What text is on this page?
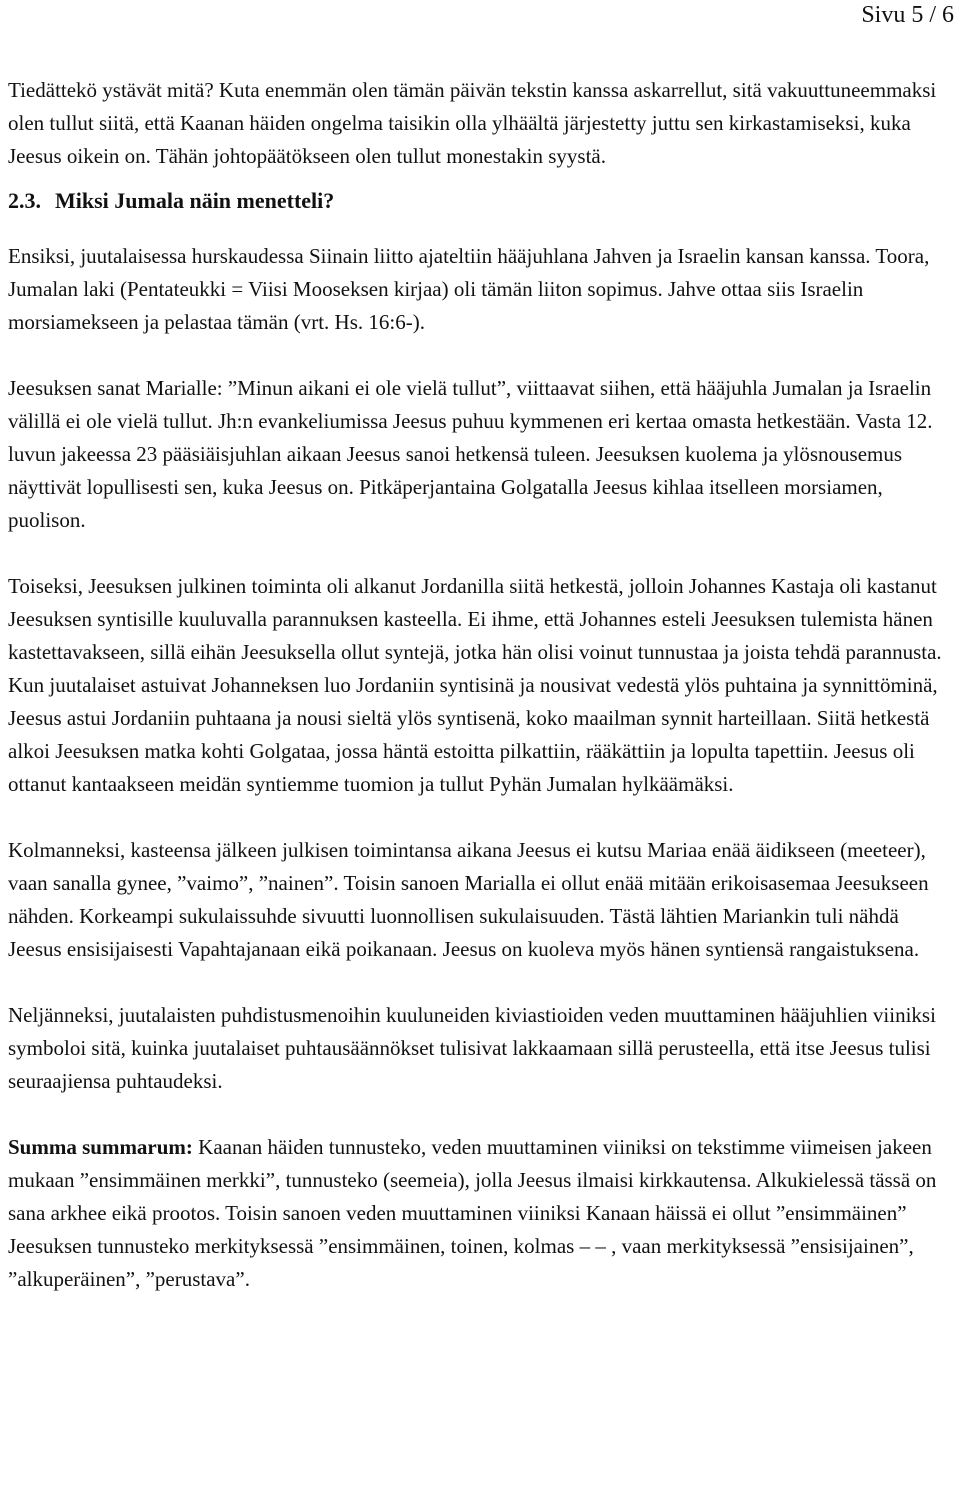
Sivu 5 / 6

Tiedättekö ystävät mitä? Kuta enemmän olen tämän päivän tekstin kanssa askarrellut, sitä vakuuttuneemmaksi olen tullut siitä, että Kaanan häiden ongelma taisikin olla ylhäältä järjestetty juttu sen kirkastamiseksi, kuka Jeesus oikein on. Tähän johtopäätökseen olen tullut monestakin syystä.

2.3. Miksi Jumala näin menetteli?

Ensiksi, juutalaisessa hurskaudessa Siinain liitto ajateltiin hääjuhlana Jahven ja Israelin kansan kanssa. Toora, Jumalan laki (Pentateukki = Viisi Mooseksen kirjaa) oli tämän liiton sopimus. Jahve ottaa siis Israelin morsiamekseen ja pelastaa tämän (vrt. Hs. 16:6-).

Jeesuksen sanat Marialle: ”Minun aikani ei ole vielä tullut”, viittaavat siihen, että hääjuhla Jumalan ja Israelin välillä ei ole vielä tullut. Jh:n evankeliumissa Jeesus puhuu kymmenen eri kertaa omasta hetkestään. Vasta 12. luvun jakeessa 23 pääsiäisjuhlan aikaan Jeesus sanoi hetkensä tuleen. Jeesuksen kuolema ja ylösnousemus näyttivät lopullisesti sen, kuka Jeesus on. Pitkäperjantaina Golgatalla Jeesus kihlaa itselleen morsiamen, puolison.

Toiseksi, Jeesuksen julkinen toiminta oli alkanut Jordanilla siitä hetkestä, jolloin Johannes Kastaja oli kastanut Jeesuksen syntisille kuuluvalla parannuksen kasteella. Ei ihme, että Johannes esteli Jeesuksen tulemista hänen kastettavakseen, sillä eihän Jeesuksella ollut syntejä, jotka hän olisi voinut tunnustaa ja joista tehdä parannusta. Kun juutalaiset astuivat Johanneksen luo Jordaniin syntisinä ja nousivat vedestä ylös puhtaina ja synnittöminä, Jeesus astui Jordaniin puhtaana ja nousi sieltä ylös syntisenä, koko maailman synnit harteillaan. Siitä hetkestä alkoi Jeesuksen matka kohti Golgataa, jossa häntä estoitta pilkattiin, rääkättiin ja lopulta tapettiin. Jeesus oli ottanut kantaakseen meidän syntiemme tuomion ja tullut Pyhän Jumalan hylkäämäksi.

Kolmanneksi, kasteensa jälkeen julkisen toimintansa aikana Jeesus ei kutsu Mariaa enää äidikseen (meeteer), vaan sanalla gynee, ”vaimo”, ”nainen”. Toisin sanoen Marialla ei ollut enää mitään erikoisasemaa Jeesukseen nähden. Korkeampi sukulaissuhde sivuutti luonnollisen sukulaisuuden. Tästä lähtien Mariankin tuli nähdä Jeesus ensisijaisesti Vapahtajanaan eikä poikanaan. Jeesus on kuoleva myös hänen syntiensä rangaistuksena.

Neljänneksi, juutalaisten puhdistusmenoihin kuuluneiden kiviastioiden veden muuttaminen hääjuhlien viiniksi symboloi sitä, kuinka juutalaiset puhtausäännökset tulisivat lakkaamaan sillä perusteella, että itse Jeesus tulisi seuraajiensa puhtaudeksi.

Summa summarum: Kaanan häiden tunnusteko, veden muuttaminen viiniksi on tekstimme viimeisen jakeen mukaan ”ensimmäinen merkki”, tunnusteko (seemeia), jolla Jeesus ilmaisi kirkkautensa. Alkukielessä tässä on sana arkhee eikä prootos. Toisin sanoen veden muuttaminen viiniksi Kanaan häissä ei ollut ”ensimmäinen” Jeesuksen tunnusteko merkityksessä ”ensimmäinen, toinen, kolmas ‒ ‒ , vaan merkityksessä ”ensisijainen”, ”alkuperäinen”, ”perustava”.
